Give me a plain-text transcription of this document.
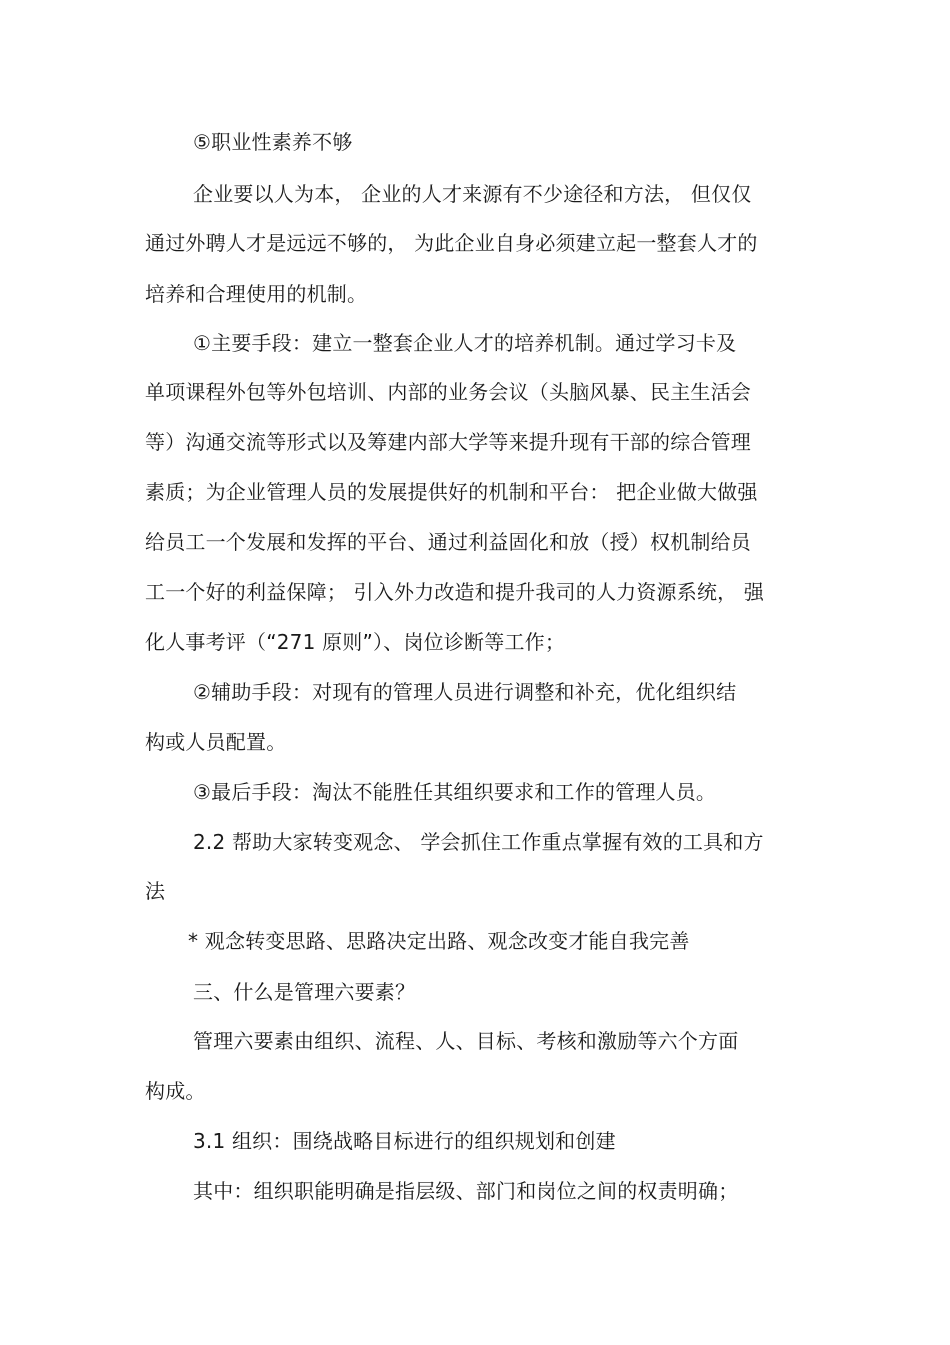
⑤职业性素养不够
企业要以人为本， 企业的人才来源有不少途径和方法， 但仅仅
通过外聘人才是远远不够的， 为此企业自身必须建立起一整套人才的
培养和合理使用的机制。
①主要手段：建立一整套企业人才的培养机制。通过学习卡及
单项课程外包等外包培训、内部的业务会议（头脑风暴、民主生活会
等）沟通交流等形式以及筹建内部大学等来提升现有干部的综合管理
素质；为企业管理人员的发展提供好的机制和平台： 把企业做大做强
给员工一个发展和发挥的平台、通过利益固化和放（授）权机制给员
工一个好的利益保障； 引入外力改造和提升我司的人力资源系统， 强
化人事考评（“271 原则”）、岗位诊断等工作；
②辅助手段：对现有的管理人员进行调整和补充，优化组织结
构或人员配置。
③最后手段：淘汰不能胜任其组织要求和工作的管理人员。
2.2 帮助大家转变观念、 学会抓住工作重点掌握有效的工具和方
法
* 观念转变思路、思路决定出路、观念改变才能自我完善
三、什么是管理六要素？
管理六要素由组织、流程、人、目标、考核和激励等六个方面
构成。
3.1 组织：围绕战略目标进行的组织规划和创建
其中：组织职能明确是指层级、部门和岗位之间的权责明确；
